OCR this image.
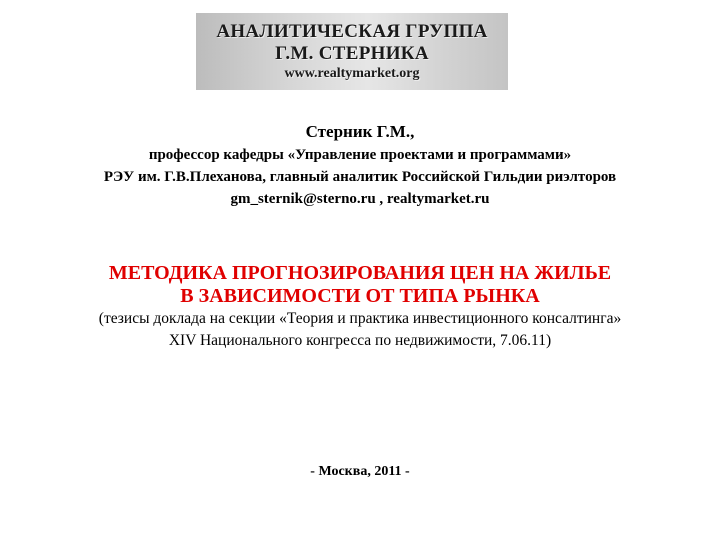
АНАЛИТИЧЕСКАЯ ГРУППА
Г.М. СТЕРНИКА
www.realtymarket.org
Стерник Г.М.,
профессор кафедры «Управление проектами и программами»
РЭУ им. Г.В.Плеханова, главный аналитик Российской Гильдии риэлторов
gm_sternik@sterno.ru , realtymarket.ru
МЕТОДИКА ПРОГНОЗИРОВАНИЯ ЦЕН НА ЖИЛЬЕ
В ЗАВИСИМОСТИ ОТ ТИПА РЫНКА
(тезисы доклада на секции «Теория и практика инвестиционного консалтинга»
XIV Национального конгресса по недвижимости, 7.06.11)
- Москва, 2011 -
